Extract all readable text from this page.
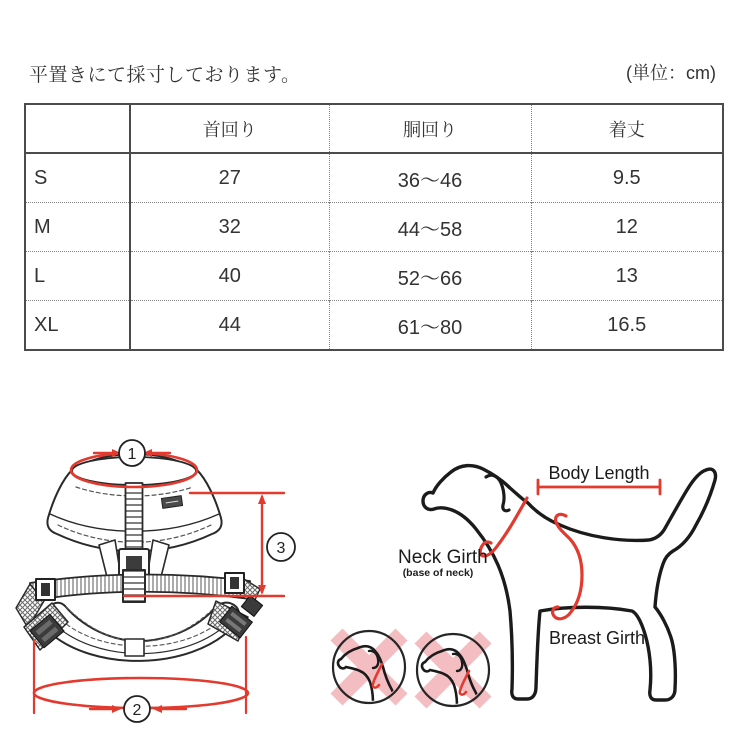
平置きにて採寸しております。	(単位：cm)
	首回り	胴回り	着丈
S	27	36〜46	9.5
M	32	44〜58	12
L	40	52〜66	13
XL	44	61〜80	16.5
1
2
3
Body Length
Neck Girth
(base of neck)
Breast Girth
